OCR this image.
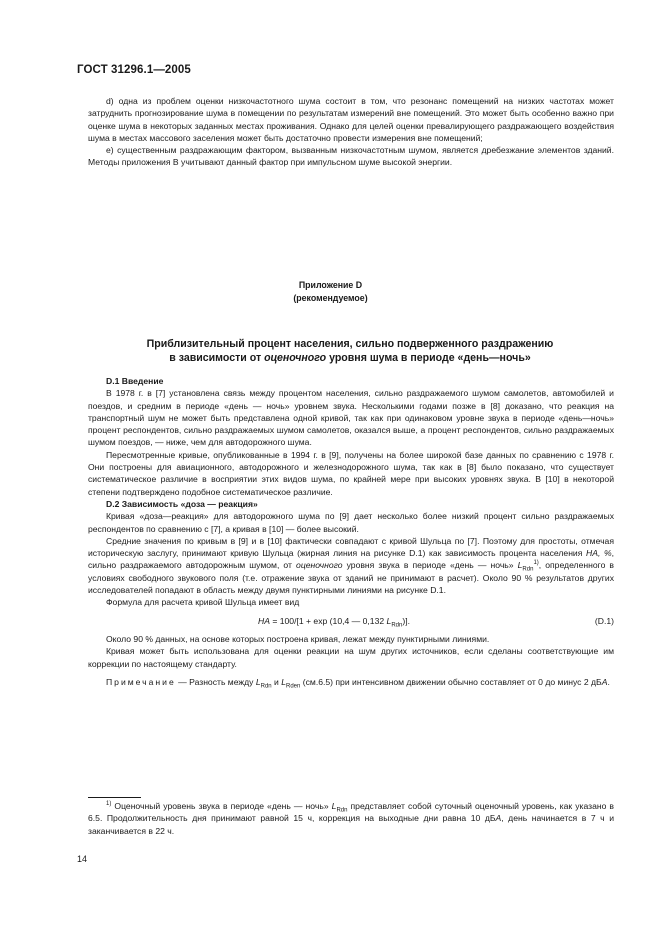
ГОСТ 31296.1—2005

d) одна из проблем оценки низкочастотного шума состоит в том, что резонанс помещений на низких частотах может затруднить прогнозирование шума в помещении по результатам измерений вне помещений. Это может быть особенно важно при оценке шума в некоторых заданных местах проживания. Однако для целей оценки превалирующего раздражающего воздействия шума в местах массового заселения может быть достаточно провести измерения вне помещений;

е) существенным раздражающим фактором, вызванным низкочастотным шумом, является дребезжание элементов зданий. Методы приложения В учитывают данный фактор при импульсном шуме высокой энергии.

Приложение D
(рекомендуемое)
Приблизительный процент населения, сильно подверженного раздражению
в зависимости от оценочного уровня шума в периоде «день—ночь»

D.1 Введение

В 1978 г. в [7] установлена связь между процентом населения, сильно раздражаемого шумом самолетов, автомобилей и поездов, и средним в периоде «день — ночь» уровнем звука. Несколькими годами позже в [8] доказано, что реакция на транспортный шум не может быть представлена одной кривой, так как при одинаковом уровне звука в периоде «день—ночь» процент респондентов, сильно раздражаемых шумом самолетов, оказался выше, а процент респондентов, сильно раздражаемых шумом поездов, — ниже, чем для автодорожного шума.

Пересмотренные кривые, опубликованные в 1994 г. в [9], получены на более широкой базе данных по сравнению с 1978 г. Они построены для авиационного, автодорожного и железнодорожного шума, так как в [8] было показано, что существует систематическое различие в восприятии этих видов шума, по крайней мере при высоких уровнях звука. В [10] в некоторой степени подтверждено подобное систематическое различие.

D.2 Зависимость «доза — реакция»

Кривая «доза—реакция» для автодорожного шума по [9] дает несколько более низкий процент сильно раздражаемых респондентов по сравнению с [7], а кривая в [10] — более высокий.

Средние значения по кривым в [9] и в [10] фактически совпадают с кривой Шульца по [7]. Поэтому для простоты, отмечая историческую заслугу, принимают кривую Шульца (жирная линия на рисунке D.1) как зависимость процента населения НА, %, сильно раздражаемого автодорожным шумом, от оценочного уровня звука в периоде «день — ночь» $L_{Rdn}^{1)}$, определенного в условиях свободного звукового поля (т.е. отражение звука от зданий не принимают в расчет). Около 90 % результатов других исследователей попадают в область между двумя пунктирными линиями на рисунке D.1.

Формула для расчета кривой Шульца имеет вид

HA = 100/[1 + exp (10,4 — 0,132 $L_{Rdn}$)].	(D.1)

Около 90 % данных, на основе которых построена кривая, лежат между пунктирными линиями.

Кривая может быть использована для оценки реакции на шум других источников, если сделаны соответствующие им коррекции по настоящему стандарту.

Примечание — Разность между $L_{Rdn}$ и $L_{Rden}$ (см.6.5) при интенсивном движении обычно составляет от 0 до минус 2 дБА.

$^{1)}$ Оценочный уровень звука в периоде «день — ночь» $L_{Rdn}$ представляет собой суточный оценочный уровень, как указано в 6.5. Продолжительность дня принимают равной 15 ч, коррекция на выходные дни равна 10 дБА, день начинается в 7 ч и заканчивается в 22 ч.

14
